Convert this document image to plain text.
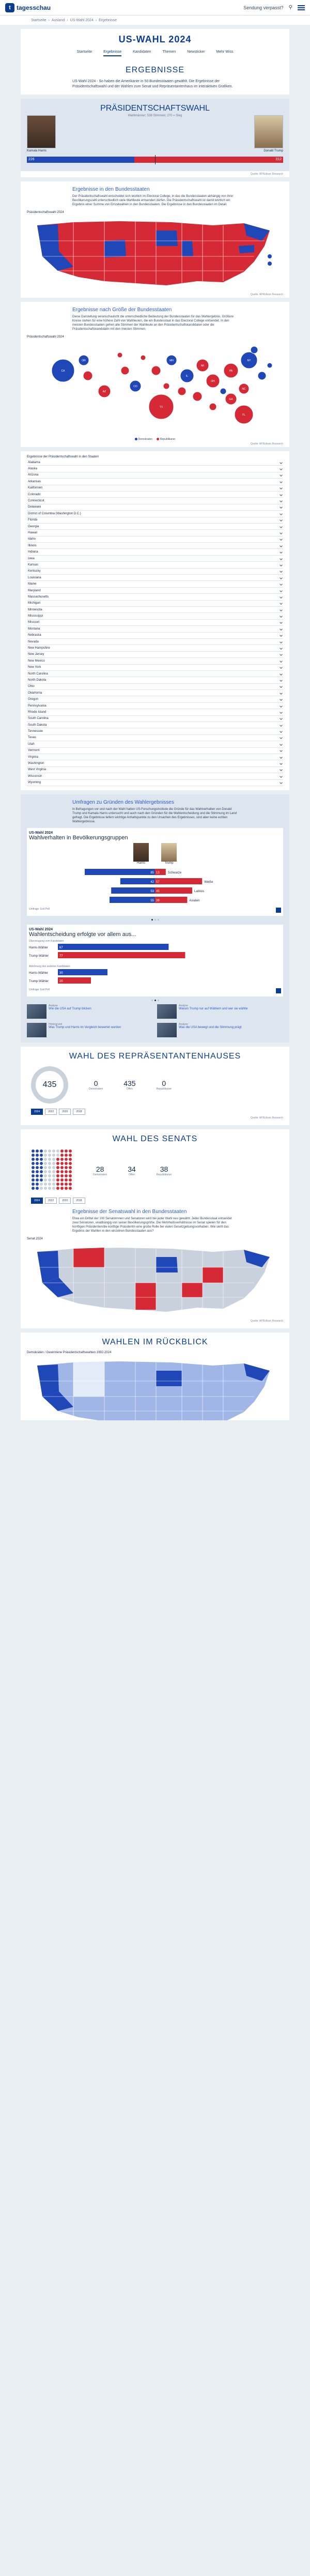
t tagesschau	Sendung verpasst? ⚲
Startseite › Ausland › US-Wahl 2024 › Ergebnisse
US-WAHL 2024
Startseite	Ergebnisse	Kandidaten	Themen	Newsticker	Mehr Wiss
ERGEBNISSE

US-Wahl 2024 - So haben die Amerikaner in 50 Bundesstaaten gewählt. Die Ergebnisse der Präsidentschaftswahl und der Wahlen zum Senat und Repräsentantenhaus im interaktiven Grafiken.

PRÄSIDENTSCHAFTSWAHL
Wahlmänner; 538 Stimmen; 270 = Sieg
Kamala Harris	Donald Trump
226	312
Quelle: AP/Edison Research
Ergebnisse in den Bundesstaaten
Der Präsidentschaftswahl entscheidet sich letztlich im Electoral College, in das die Bundesstaaten abhängig von ihrer Bevölkerungszahl unterschiedlich viele Wahlleute entsenden dürfen. Die Präsidentschaftswahl ist damit letztlich ein Ergebnis einer Summe von Einzelwahlen in den Bundesstaaten. Die Ergebnisse in den Bundesstaaten im Detail.
Präsidentschaftswahl 2024
Quelle: AP/Edison Research
Ergebnisse nach Größe der Bundesstaaten
Diese Darstellung veranschaulicht die unterschiedliche Bedeutung der Bundesstaaten für das Wahlergebnis. Größere Kreise stehen für eine höhere Zahl von Wahlleuten, die ein Bundesstaat in das Electoral College entsendet. In den meisten Bundesstaaten gehen alle Stimmen der Wahlleute an den Präsidentschaftskandidaten oder die Präsidentschaftskandidatin mit den meisten Stimmen.
Präsidentschaftswahl 2024
CA
OR
AZ
CO
TX
MN
IL
MI
OH
PA
NY
NC
GA
FL
Demokraten	Republikaner
Quelle: AP/Edison Research
Ergebnisse der Präsidentschaftswahl in den Staaten
Alabama
Alaska
Arizona
Arkansas
Kalifornien
Colorado
Connecticut
Delaware
District of Columbia (Washington D.C.)
Florida
Georgia
Hawaii
Idaho
Illinois
Indiana
Iowa
Kansas
Kentucky
Louisiana
Maine
Maryland
Massachusetts
Michigan
Minnesota
Mississippi
Missouri
Montana
Nebraska
Nevada
New Hampshire
New Jersey
New Mexico
New York
North Carolina
North Dakota
Ohio
Oklahoma
Oregon
Pennsylvania
Rhode Island
South Carolina
South Dakota
Tennessee
Texas
Utah
Vermont
Virginia
Washington
West Virginia
Wisconsin
Wyoming
Umfragen zu Gründen des Wahlergebnisses
In Befragungen vor und nach der Wahl hatten US-Forschungsinstitute die Gründe für das Wahlverhalten von Donald Trump und Kamala Harris untersucht und auch nach den Gründen für die Wahlentscheidung und die Stimmung im Land gefragt. Die Ergebnisse liefern wichtige Anhaltspunkte zu den Ursachen des Ergebnisses, sind aber keine echten Wahlergebnisse.
US-Wahl 2024
Wahlverhalten in Bevölkerungsgruppen
Harris	Trump
85 13	Schwarze
42 57	Weiße
53 45	Latinos
55 39	Asiaten
Umfrage: Exit Poll
US-Wahl 2024
Wahlentscheidung erfolgte vor allem aus...
Überzeugung vom Kandidaten
Harris-Wähler	67
Trump-Wähler	77
Ablehnung des anderen Kandidaten
Harris-Wähler	30
Trump-Wähler	20
Umfrage: Exit Poll
Analyse
Wie die USA auf Trump blicken
Analyse
Warum Trump nur auf Wählern und wer sie wählte
Hintergrund
Was Trump und Harris im Vergleich bewertet wurden
Analyse
Was die USA bewegt und die Stimmung prägt
WAHL DES REPRÄSENTANTENHAUSES
435	0
Demokraten
435
Offen
0
Republikaner
2024	2022	2020	2018
Quelle: AP/Edison Research
WAHL DES SENATS
28
Demokraten
34
Offen
38
Republikaner
2024	2022	2020	2018
Ergebnisse der Senatswahl in den Bundesstaaten
Etwa ein Drittel der 100 Senatorinnen und Senatoren wird bei jeder Wahl neu gewählt. Jeder Bundesstaat entsendet zwei Senatoren, unabhängig von seiner Bevölkerungsgröße. Die Mehrheitsverhältnisse im Senat spielen für den künftigen Präsidenten/die künftige Präsidentin eine große Rolle bei vielen Gesetzgebungsvorhaben. Wie sieht das Ergebnis der Wahlen in den einzelnen Bundesstaaten aus?
Senat 2024
Quelle: AP/Edison Research
WAHLEN IM RÜCKBLICK
Demokraten / Gewinnene Präsidentschaftswahlen 1992-2024
